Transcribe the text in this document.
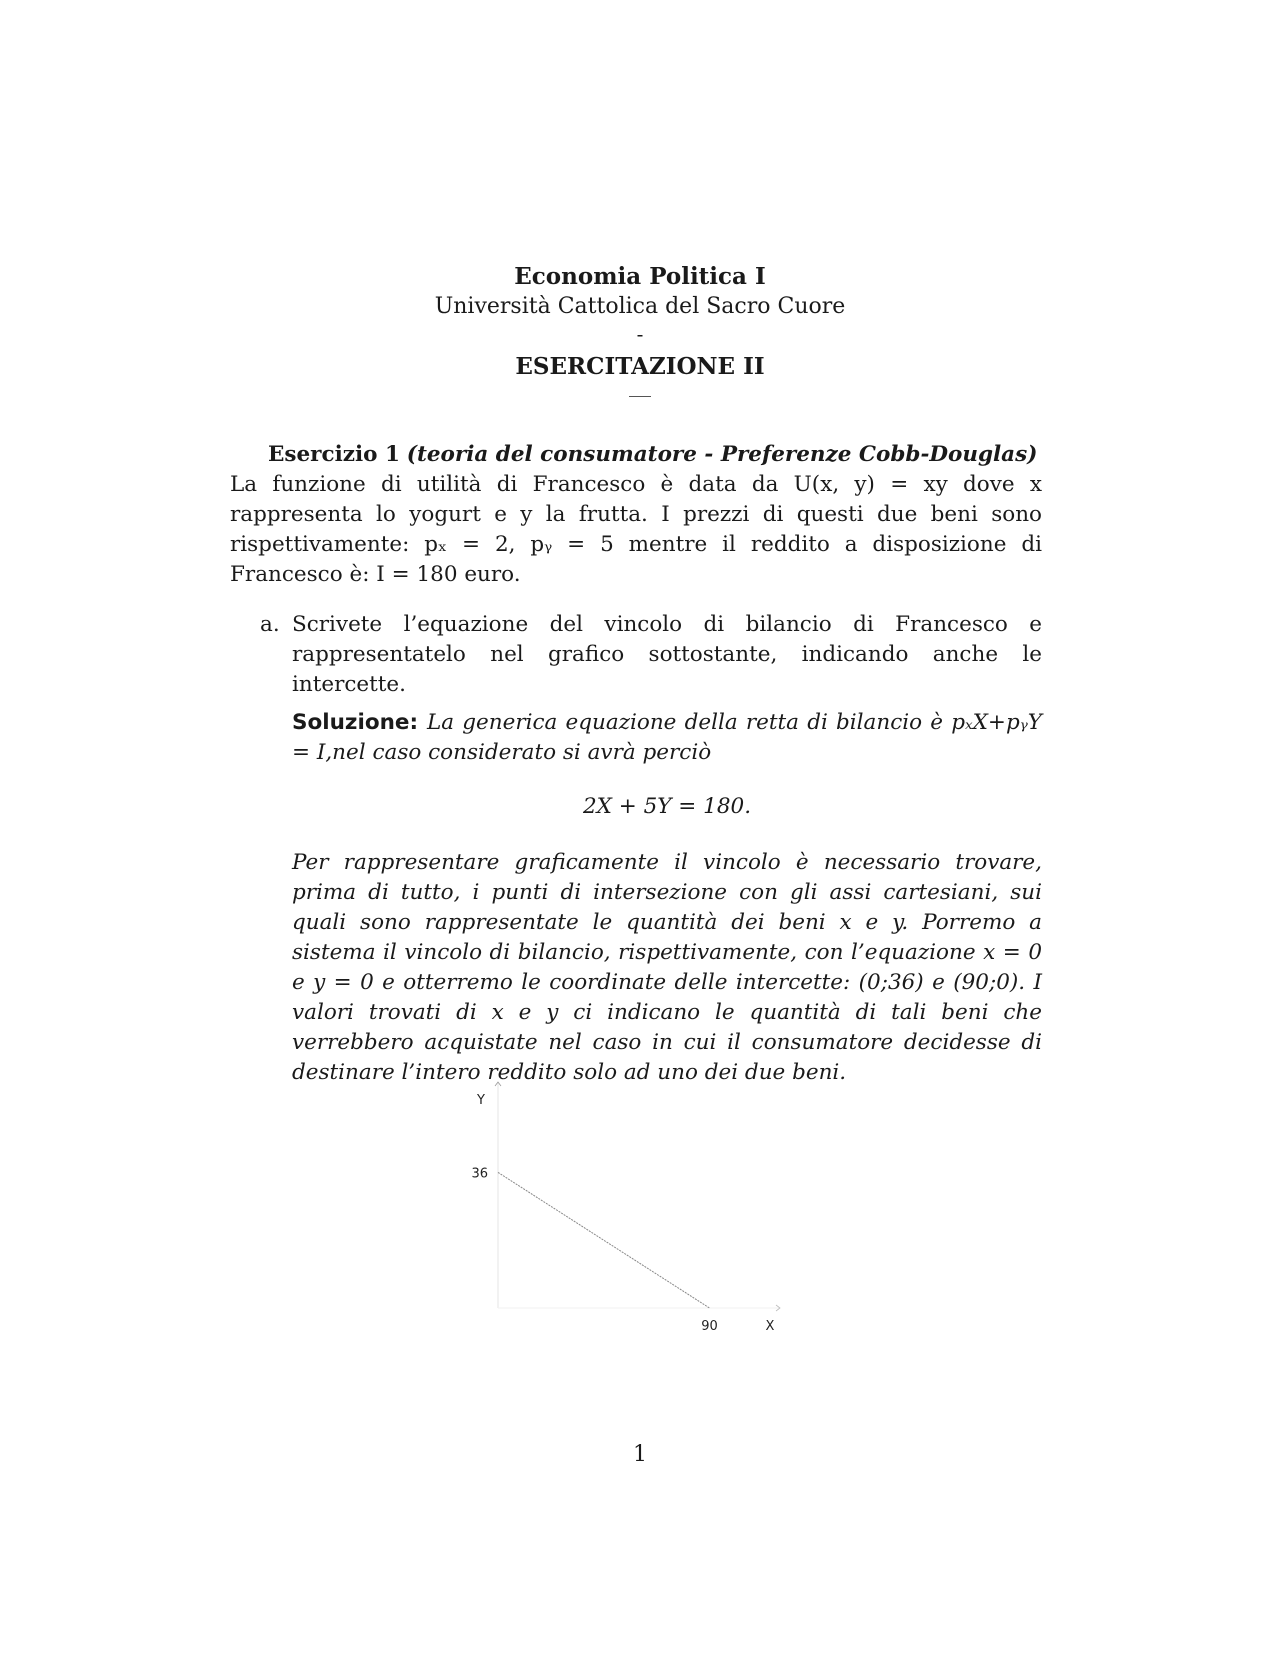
Economia Politica I
Università Cattolica del Sacro Cuore
-
ESERCITAZIONE II

Esercizio 1 (teoria del consumatore - Preferenze Cobb-Douglas)

La funzione di utilità di Francesco è data da U(x, y) = xy dove x rappresenta lo yogurt e y la frutta. I prezzi di questi due beni sono rispettivamente: pₓ = 2, pᵧ = 5 mentre il reddito a disposizione di Francesco è: I = 180 euro.

a. Scrivete l’equazione del vincolo di bilancio di Francesco e rappresentatelo nel grafico sottostante, indicando anche le intercette.

Soluzione: La generica equazione della retta di bilancio è pₓX+pᵧY = I,nel caso considerato si avrà perciò

2X + 5Y = 180.

Per rappresentare graficamente il vincolo è necessario trovare, prima di tutto, i punti di intersezione con gli assi cartesiani, sui quali sono rappresentate le quantità dei beni x e y. Porremo a sistema il vincolo di bilancio, rispettivamente, con l’equazione x = 0 e y = 0 e otterremo le coordinate delle intercette: (0;36) e (90;0). I valori trovati di x e y ci indicano le quantità di tali beni che verrebbero acquistate nel caso in cui il consumatore decidesse di destinare l’intero reddito solo ad uno dei due beni.

Y
X
36
90
1
